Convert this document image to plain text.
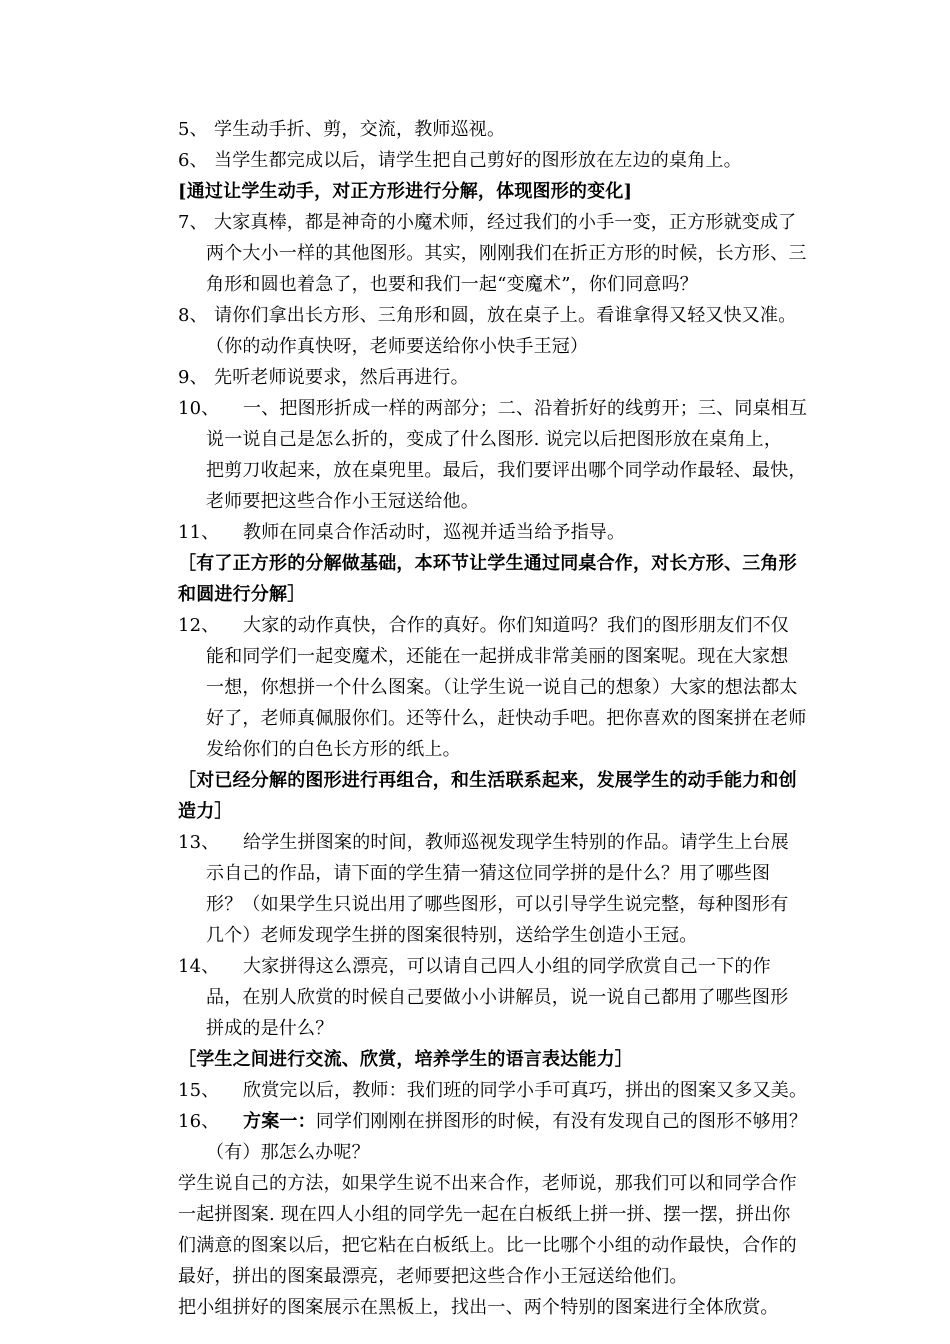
5、 学生动手折、剪，交流，教师巡视。
6、 当学生都完成以后，请学生把自己剪好的图形放在左边的桌角上。
[通过让学生动手，对正方形进行分解，体现图形的变化]
7、 大家真棒，都是神奇的小魔术师，经过我们的小手一变，正方形就变成了
两个大小一样的其他图形。其实，刚刚我们在折正方形的时候，长方形、三
角形和圆也着急了，也要和我们一起“变魔术”，你们同意吗？
8、 请你们拿出长方形、三角形和圆，放在桌子上。看谁拿得又轻又快又准。
（你的动作真快呀，老师要送给你小快手王冠）
9、 先听老师说要求，然后再进行。
10、 一、把图形折成一样的两部分；二、沿着折好的线剪开；三、同桌相互
说一说自己是怎么折的，变成了什么图形. 说完以后把图形放在桌角上，
把剪刀收起来，放在桌兜里。最后，我们要评出哪个同学动作最轻、最快，
老师要把这些合作小王冠送给他。
11、 教师在同桌合作活动时，巡视并适当给予指导。
［有了正方形的分解做基础，本环节让学生通过同桌合作，对长方形、三角形
和圆进行分解］
12、 大家的动作真快，合作的真好。你们知道吗？我们的图形朋友们不仅
能和同学们一起变魔术，还能在一起拼成非常美丽的图案呢。现在大家想
一想，你想拼一个什么图案。（让学生说一说自己的想象）大家的想法都太
好了，老师真佩服你们。还等什么，赶快动手吧。把你喜欢的图案拼在老师
发给你们的白色长方形的纸上。
［对已经分解的图形进行再组合，和生活联系起来，发展学生的动手能力和创
造力］
13、 给学生拼图案的时间，教师巡视发现学生特别的作品。请学生上台展
示自己的作品，请下面的学生猜一猜这位同学拼的是什么？用了哪些图
形？（如果学生只说出用了哪些图形，可以引导学生说完整，每种图形有
几个）老师发现学生拼的图案很特别，送给学生创造小王冠。
14、 大家拼得这么漂亮，可以请自己四人小组的同学欣赏自己一下的作
品，在别人欣赏的时候自己要做小小讲解员，说一说自己都用了哪些图形
拼成的是什么？
［学生之间进行交流、欣赏，培养学生的语言表达能力］
15、 欣赏完以后，教师：我们班的同学小手可真巧，拼出的图案又多又美。
16、 方案一：同学们刚刚在拼图形的时候，有没有发现自己的图形不够用？
（有）那怎么办呢？
学生说自己的方法，如果学生说不出来合作，老师说，那我们可以和同学合作
一起拼图案. 现在四人小组的同学先一起在白板纸上拼一拼、摆一摆，拼出你
们满意的图案以后，把它粘在白板纸上。比一比哪个小组的动作最快，合作的
最好，拼出的图案最漂亮，老师要把这些合作小王冠送给他们。
把小组拼好的图案展示在黑板上，找出一、两个特别的图案进行全体欣赏。
